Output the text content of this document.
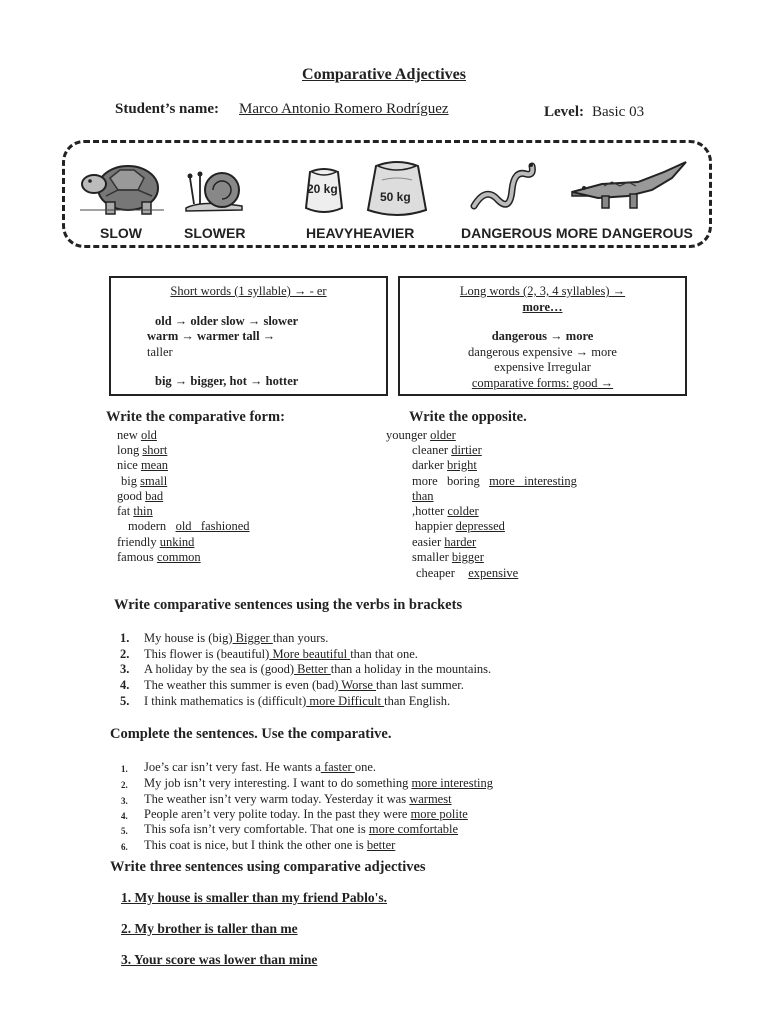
Comparative Adjectives
Student’s name: Marco Antonio Romero Rodríguez	Level: Basic 03
20 kg
50 kg
SLOW	SLOWER	HEAVYHEAVIER	DANGEROUS MORE DANGEROUS
Short words (1 syllable) → - er
old → older slow → slower
warm → warmer tall →
taller
big → bigger, hot → hotter
Long words (2, 3, 4 syllables) →
more…
dangerous → more
dangerous expensive → more
expensive Irregular
comparative forms: good →
Write the comparative form:
new old
long short
nice mean
big small
good bad
fat thin
modern old   fashioned
friendly unkind
famous common
Write the opposite.
younger older
cleaner dirtier
darker bright
more   boring more   interesting
than
,hotter colder
happier depressed
easier harder
smaller bigger
cheaper expensive
Write comparative sentences using the verbs in brackets
1. My house is (big) Bigger than yours.
2. This flower is (beautiful) More beautiful than that one.
3. A holiday by the sea is (good) Better than a holiday in the mountains.
4. The weather this summer is even (bad) Worse than last summer.
5. I think mathematics is (difficult) more Difficult than English.
Complete the sentences. Use the comparative.
1. Joe’s car isn’t very fast. He wants a faster one.
2. My job isn’t very interesting. I want to do something more interesting
3. The weather isn’t very warm today. Yesterday it was warmest
4. People aren’t very polite today. In the past they were more polite
5. This sofa isn’t very comfortable. That one is more comfortable
6. This coat is nice, but I think the other one is better
Write three sentences using comparative adjectives
1. My house is smaller than my friend Pablo's.
2. My brother is taller than me
3. Your score was lower than mine
